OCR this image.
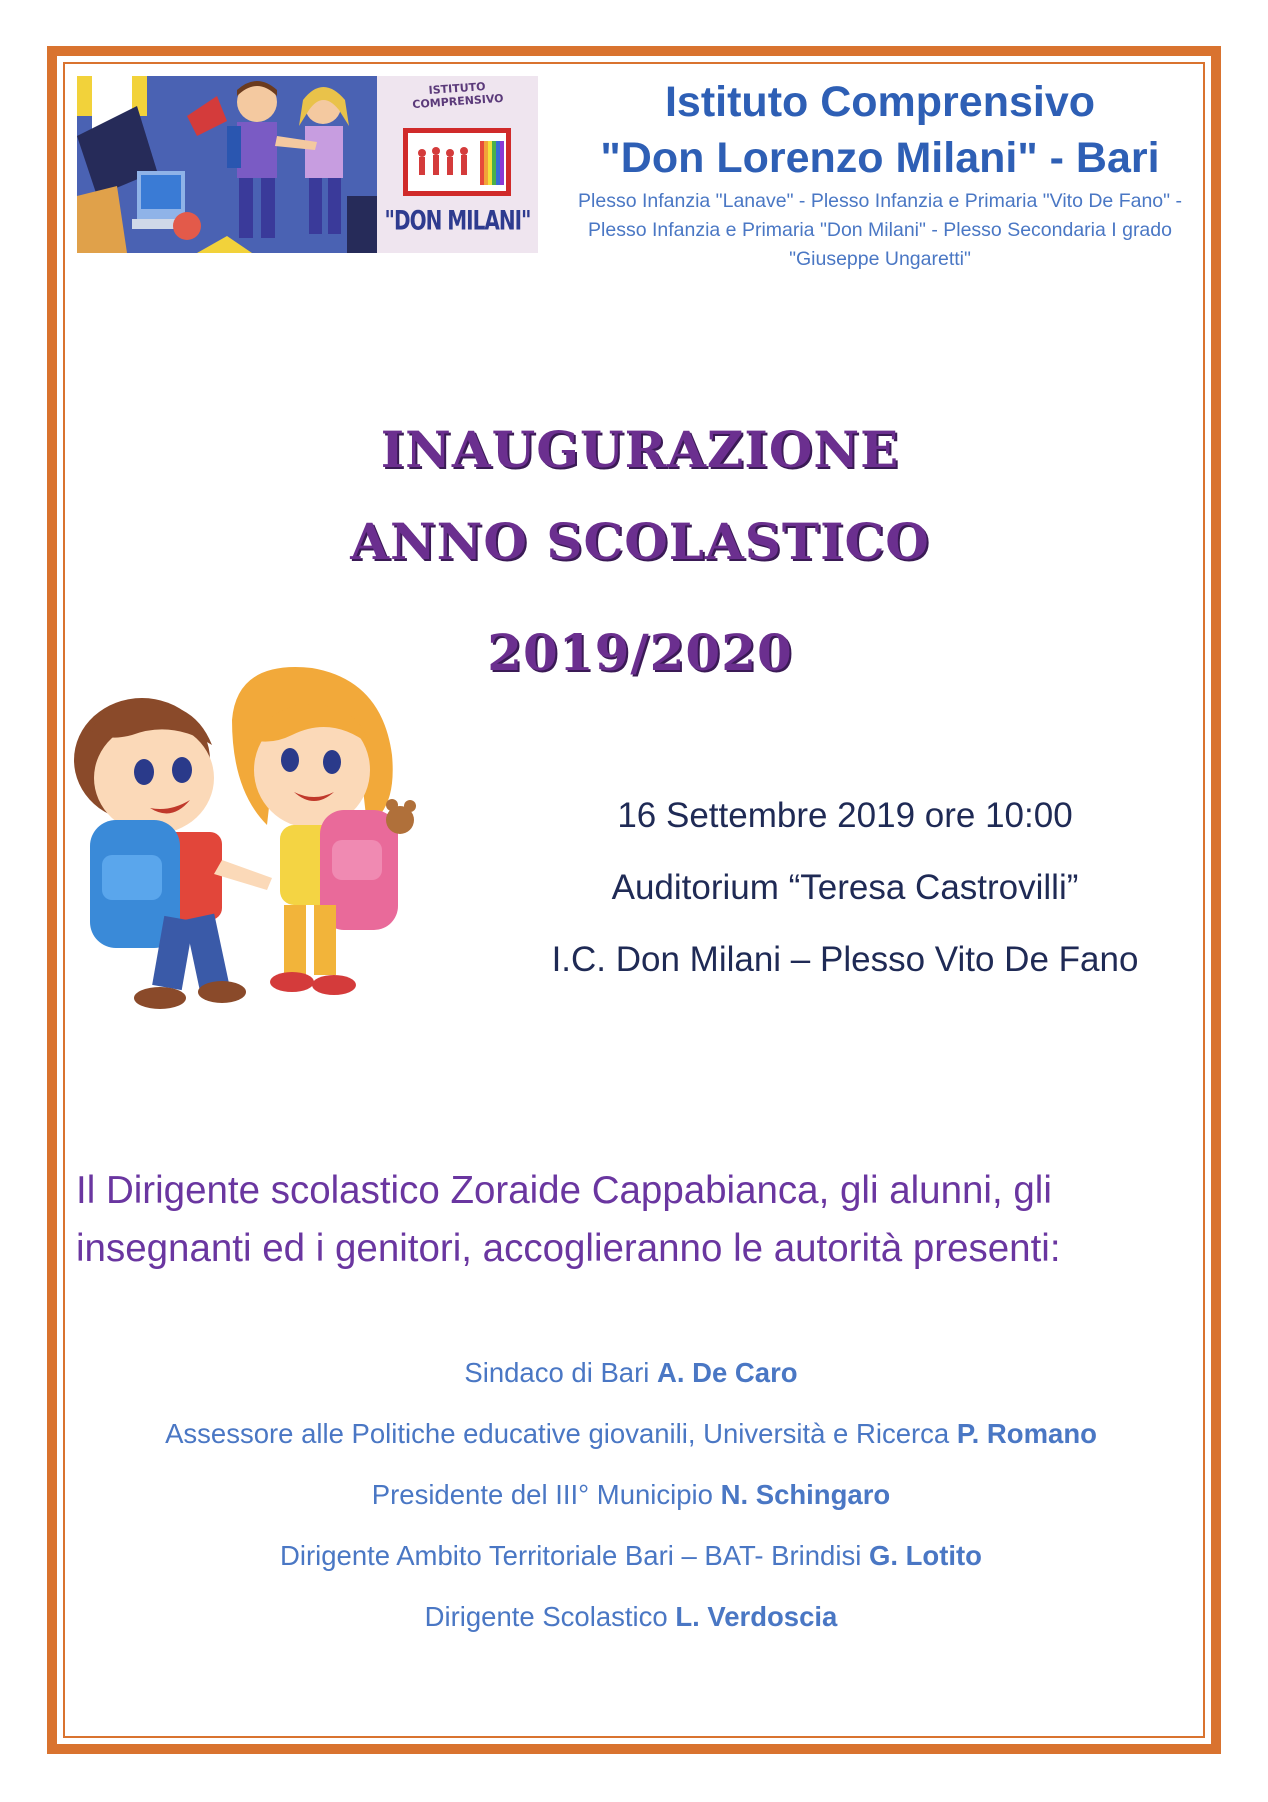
ISTITUTO
COMPRENSIVO
"DON MILANI"

Istituto Comprensivo

"Don Lorenzo Milani" - Bari

Plesso Infanzia "Lanave" - Plesso Infanzia e Primaria "Vito De Fano" - Plesso Infanzia e Primaria "Don Milani" - Plesso Secondaria I grado "Giuseppe Ungaretti"

INAUGURAZIONE
ANNO SCOLASTICO
2019/2020

16 Settembre 2019 ore 10:00

Auditorium “Teresa Castrovilli”

I.C. Don Milani – Plesso Vito De Fano

Il Dirigente scolastico Zoraide Cappabianca, gli alunni, gli insegnanti ed i genitori, accoglieranno le autorità presenti:

Sindaco di Bari A. De Caro
Assessore alle Politiche educative giovanili, Università e Ricerca P. Romano
Presidente del III° Municipio N. Schingaro
Dirigente Ambito Territoriale Bari – BAT- Brindisi G. Lotito
Dirigente Scolastico L. Verdoscia
